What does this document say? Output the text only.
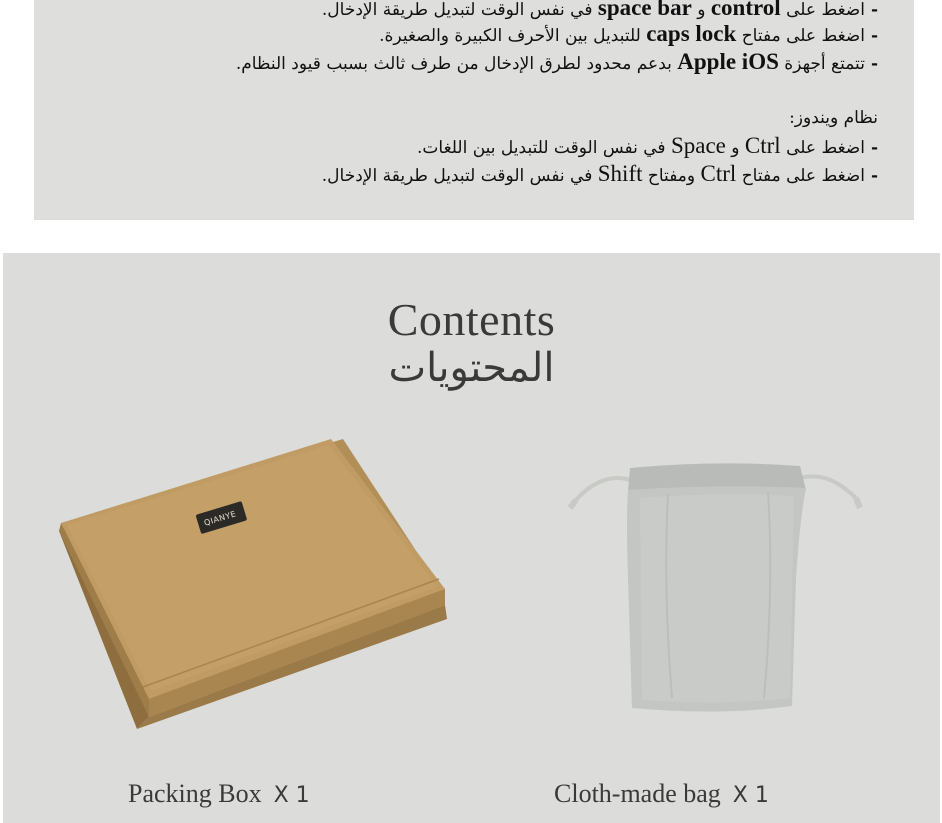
-اضغط على control و space bar في نفس الوقت لتبديل طريقة الإدخال.
-اضغط على مفتاح caps lock للتبديل بين الأحرف الكبيرة والصغيرة.
-تتمتع أجهزة Apple iOS بدعم محدود لطرق الإدخال من طرف ثالث بسبب قيود النظام.
نظام ويندوز:
-اضغط على Ctrl و Space في نفس الوقت للتبديل بين اللغات.
-اضغط على مفتاح Ctrl ومفتاح Shift في نفس الوقت لتبديل طريقة الإدخال.
Contents
المحتويات
QIANYE
Packing Box X 1	Cloth-made bag X 1
